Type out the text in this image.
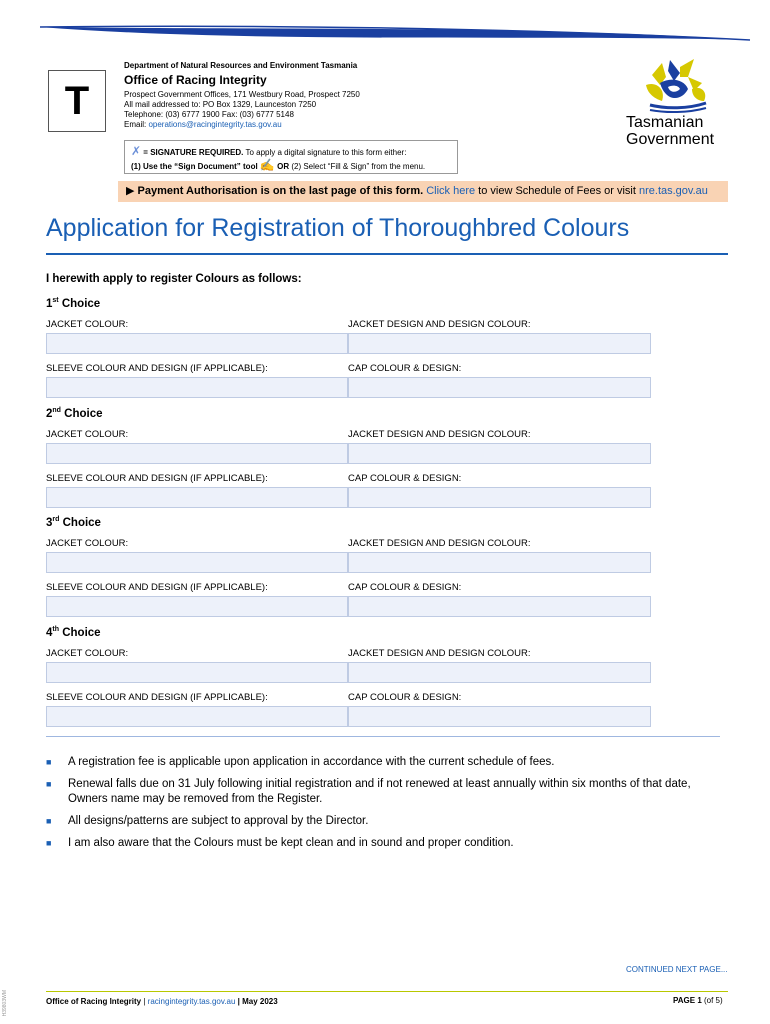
T
Department of Natural Resources and Environment Tasmania
Office of Racing Integrity
Prospect Government Offices, 171 Westbury Road, Prospect 7250
All mail addressed to: PO Box 1329, Launceston 7250
Telephone: (03) 6777 1900 Fax: (03) 6777 5148
Email: operations@racingintegrity.tas.gov.au
✗ = SIGNATURE REQUIRED. To apply a digital signature to this form either:
(1) Use the “Sign Document” tool ✍ OR (2) Select “Fill & Sign” from the menu.
Tasmanian
Government
▶ Payment Authorisation is on the last page of this form. Click here to view Schedule of Fees or visit nre.tas.gov.au
Application for Registration of Thoroughbred Colours
I herewith apply to register Colours as follows:
1st Choice
JACKET COLOUR:	JACKET DESIGN AND DESIGN COLOUR:
SLEEVE COLOUR AND DESIGN (IF APPLICABLE):	CAP COLOUR & DESIGN:
2nd Choice
JACKET COLOUR:	JACKET DESIGN AND DESIGN COLOUR:
SLEEVE COLOUR AND DESIGN (IF APPLICABLE):	CAP COLOUR & DESIGN:
3rd Choice
JACKET COLOUR:	JACKET DESIGN AND DESIGN COLOUR:
SLEEVE COLOUR AND DESIGN (IF APPLICABLE):	CAP COLOUR & DESIGN:
4th Choice
JACKET COLOUR:	JACKET DESIGN AND DESIGN COLOUR:
SLEEVE COLOUR AND DESIGN (IF APPLICABLE):	CAP COLOUR & DESIGN:
■	A registration fee is applicable upon application in accordance with the current schedule of fees.
■	Renewal falls due on 31 July following initial registration and if not renewed at least annually within six months of that date, Owners name may be removed from the Register.
■	All designs/patterns are subject to approval by the Director.
■	I am also aware that the Colours must be kept clean and in sound and proper condition.
CONTINUED NEXT PAGE...
Office of Racing Integrity | racingintegrity.tas.gov.au | May 2023	PAGE 1 (of 5)
H39803WM
